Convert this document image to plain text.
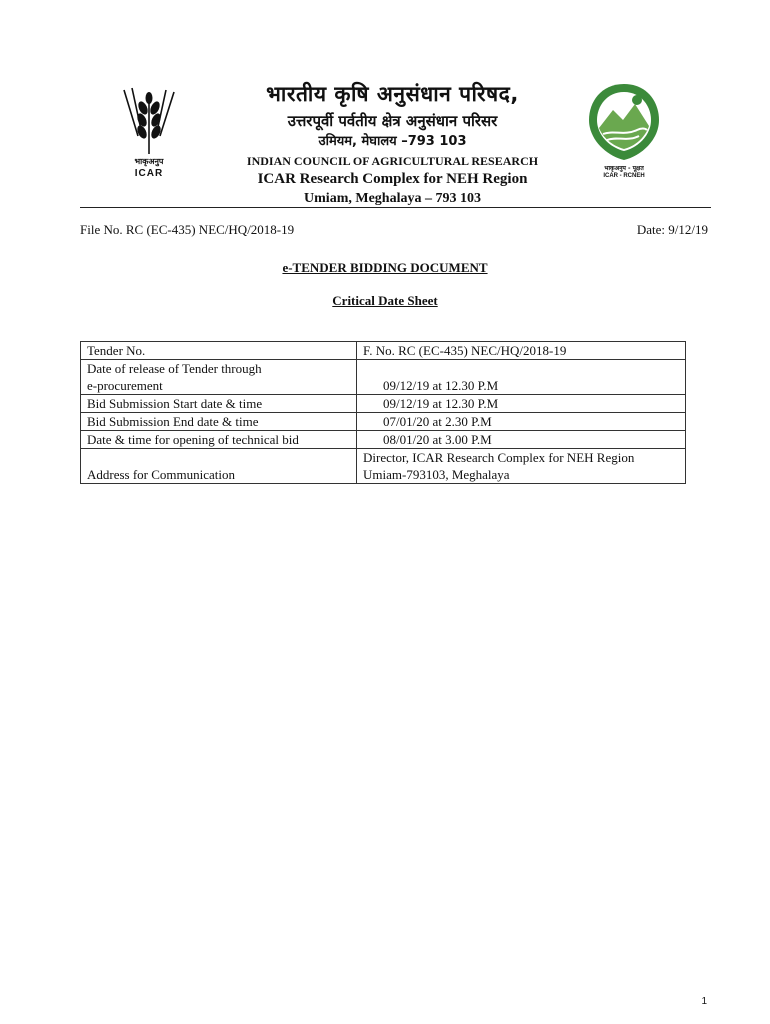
भाकृअनुप
ICAR
भारतीय कृषि अनुसंधान परिषद,
उत्तरपूर्वी पर्वतीय क्षेत्र अनुसंधान परिसर
उमियम, मेघालय –793 103
INDIAN COUNCIL OF AGRICULTURAL RESEARCH
ICAR Research Complex for NEH Region
Umiam, Meghalaya – 793 103
भाकृअनुप - पूक्षत
ICAR - RCNEH
File No. RC (EC-435) NEC/HQ/2018-19	Date: 9/12/19
e-TENDER BIDDING DOCUMENT
Critical Date Sheet
Tender No.	F. No. RC (EC-435) NEC/HQ/2018-19

Date of release of Tender through
e-procurement	09/12/19 at 12.30 P.M
Bid Submission Start date & time	09/12/19 at 12.30 P.M
Bid Submission End date & time	07/01/20 at 2.30 P.M
Date & time for opening of technical bid	08/01/20 at 3.00 P.M
Address for Communication	Director, ICAR Research Complex for NEH Region
Umiam-793103, Meghalaya
1
